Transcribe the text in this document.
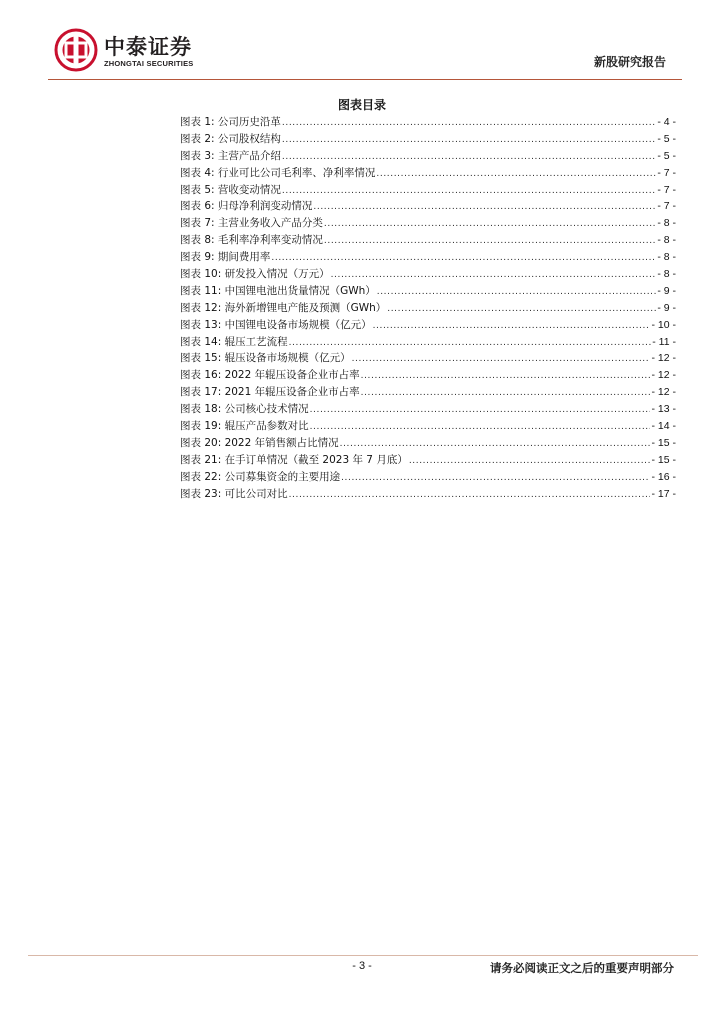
中泰证券
ZHONGTAI SECURITIES	新股研究报告
图表目录
图表 1: 公司历史沿革 .....	- 4 -
图表 2: 公司股权结构 .....	- 5 -
图表 3: 主营产品介绍 .....	- 5 -
图表 4: 行业可比公司毛利率、净利率情况 .....	- 7 -
图表 5: 营收变动情况 .....	- 7 -
图表 6: 归母净利润变动情况 .....	- 7 -
图表 7: 主营业务收入产品分类 .....	- 8 -
图表 8: 毛利率净利率变动情况 .....	- 8 -
图表 9: 期间费用率 .....	- 8 -
图表 10: 研发投入情况（万元） .....	- 8 -
图表 11: 中国锂电池出货量情况（GWh） .....	- 9 -
图表 12: 海外新增锂电产能及预测（GWh） .....	- 9 -
图表 13: 中国锂电设备市场规模（亿元） .....	- 10 -
图表 14: 辊压工艺流程 .....	- 11 -
图表 15: 辊压设备市场规模（亿元） .....	- 12 -
图表 16: 2022 年辊压设备企业市占率 .....	- 12 -
图表 17: 2021 年辊压设备企业市占率 .....	- 12 -
图表 18: 公司核心技术情况 .....	- 13 -
图表 19: 辊压产品参数对比 .....	- 14 -
图表 20: 2022 年销售额占比情况 .....	- 15 -
图表 21: 在手订单情况（截至 2023 年 7 月底） .....	- 15 -
图表 22: 公司募集资金的主要用途 .....	- 16 -
图表 23: 可比公司对比 .....	- 17 -
- 3 -	请务必阅读正文之后的重要声明部分
